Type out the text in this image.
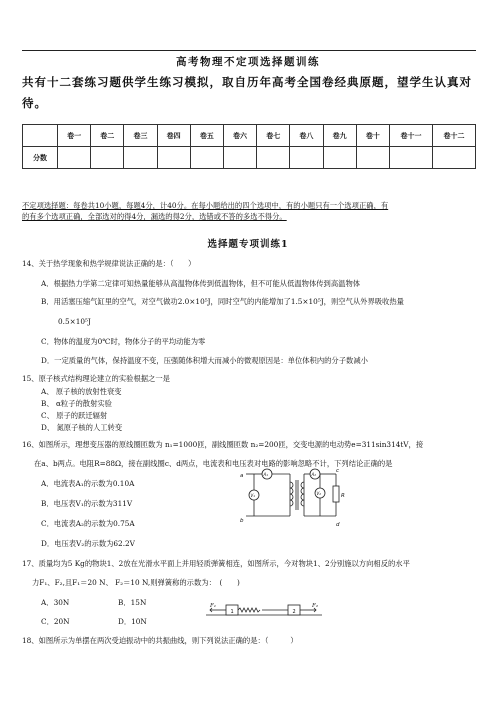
高考物理不定项选择题训练
共有十二套练习题供学生练习模拟，取自历年高考全国卷经典原题，望学生认真对待。
	卷一	卷二	卷三	卷四	卷五	卷六	卷七	卷八	卷九	卷十	卷十一	卷十二
分数												
不定项选择题：每卷共10小题，每题4分，计40分。在每小题给出的四个选项中，有的小题只有一个选项正确，有
的有多个选项正确，全部选对的得4分，漏选的得2分，选错或不答的多选不得分。
选择题专项训练1
14、关于热学现象和热学规律说法正确的是：（　　）
A．根据热力学第二定律可知热量能够从高温物体传到低温物体，但不可能从低温物体传到高温物体
B．用活塞压缩气缸里的空气，对空气做功2.0×10⁵J，同时空气的内能增加了1.5×10⁵J，则空气从外界吸收热量
0.5×10⁵J
C．物体的温度为0℃时，物体分子的平均动能为零
D．一定质量的气体，保持温度不变，压强随体积增大而减小的微观原因是：单位体积内的分子数减小
15、原子核式结构理论建立的实验根据之一是
A、 原子核的放射性衰变
B、 α粒子的散射实验
C、 原子的跃迁辐射
D、 氮原子核的人工转变
16、如图所示，理想变压器的原线圈匝数为 n₁=1000匝，副线圈匝数 n₂=200匝，交变电源的电动势e=311sin314tV，接
在a、b两点。电阻R=88Ω，接在副线圈c、d两点，电流表和电压表对电路的影响忽略不计，下列结论正确的是
A．电流表A₁的示数为0.10A
B．电压表V₁的示数为311V
C．电流表A₂的示数为0.75A
D．电压表V₂的示数为62.2V
a
b
c
d
A₁
V₁
A₂
V₂	R
17、质量均为5 Kg的物块1、2放在光滑水平面上并用轻质弹簧相连，如图所示，今对物块1、2分别施以方向相反的水平
力F₁、F₂,且F₁＝20 N、 F₂＝10 N,则弹簧称的示数为：　(　　)
A．30N	B．15N
C．20N	D．10N
F₁	F₂
1	2
18、如图所示为单摆在两次受迫振动中的共振曲线，则下列说法正确的是：（　　　）
